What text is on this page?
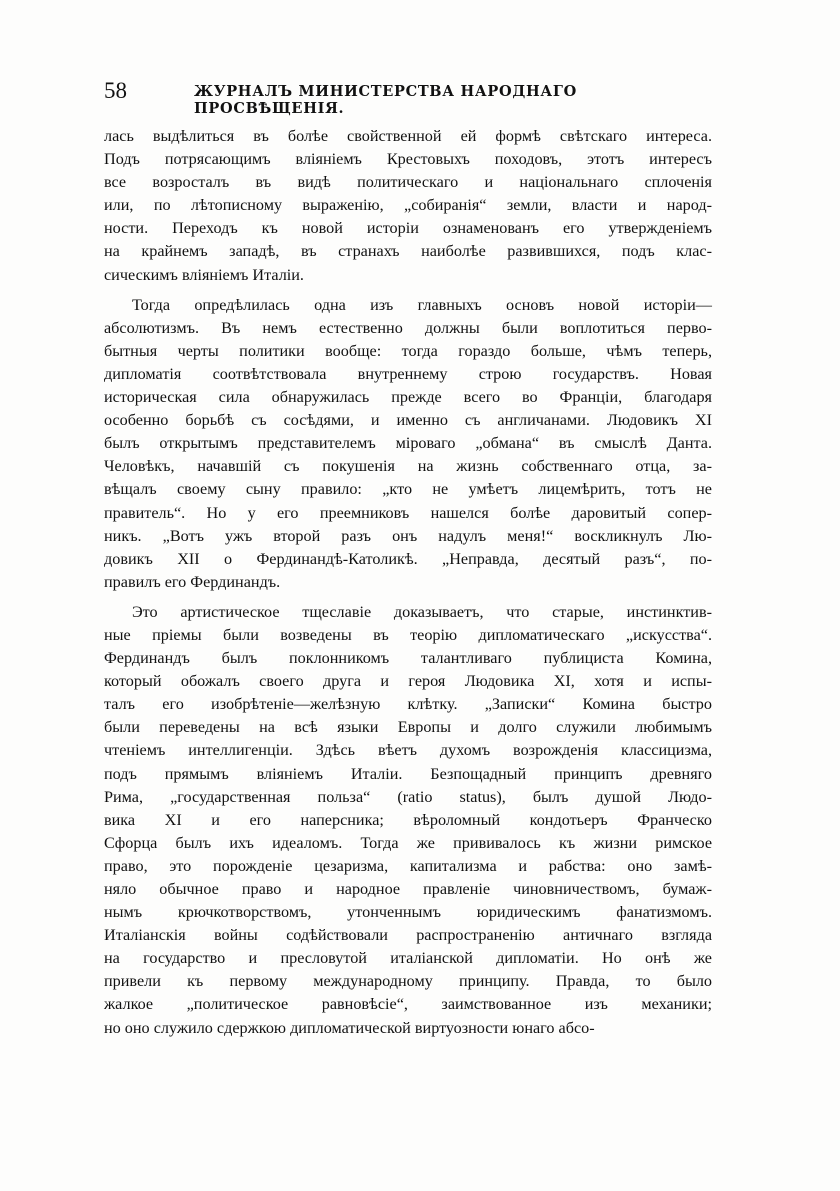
58	ЖУРНАЛЪ МИНИСТЕРСТВА НАРОДНАГО ПРОСВѢЩЕНІЯ.
лась выдѣлиться въ болѣе свойственной ей формѣ свѣтскаго интереса.
Подъ потрясающимъ вліяніемъ Крестовыхъ походовъ, этотъ интересъ
все возросталъ въ видѣ политическаго и національнаго сплоченія
или, по лѣтописному выраженію, „собиранія“ земли, власти и народ-
ности. Переходъ къ новой исторіи ознаменованъ его утвержденіемъ
на крайнемъ западѣ, въ странахъ наиболѣе развившихся, подъ клас-
сическимъ вліяніемъ Италіи.
Тогда опредѣлилась одна изъ главныхъ основъ новой исторіи—
абсолютизмъ. Въ немъ естественно должны были воплотиться перво-
бытныя черты политики вообще: тогда гораздо больше, чѣмъ теперь,
дипломатія соотвѣтствовала внутреннему строю государствъ. Новая
историческая сила обнаружилась прежде всего во Франціи, благодаря
особенно борьбѣ съ сосѣдями, и именно съ англичанами. Людовикъ XI
былъ открытымъ представителемъ міроваго „обмана“ въ смыслѣ Данта.
Человѣкъ, начавшій съ покушенія на жизнь собственнаго отца, за-
вѣщалъ своему сыну правило: „кто не умѣетъ лицемѣрить, тотъ не
правитель“. Но у его преемниковъ нашелся болѣе даровитый сопер-
никъ. „Вотъ ужъ второй разъ онъ надулъ меня!“ воскликнулъ Лю-
довикъ XII о Фердинандѣ-Католикѣ. „Неправда, десятый разъ“, по-
правилъ его Фердинандъ.
Это артистическое тщеславіе доказываетъ, что старые, инстинктив-
ные пріемы были возведены въ теорію дипломатическаго „искусства“.
Фердинандъ былъ поклонникомъ талантливаго публициста Комина,
который обожалъ своего друга и героя Людовика XI, хотя и испы-
талъ его изобрѣтеніе—желѣзную клѣтку. „Записки“ Комина быстро
были переведены на всѣ языки Европы и долго служили любимымъ
чтеніемъ интеллигенціи. Здѣсь вѣетъ духомъ возрожденія классицизма,
подъ прямымъ вліяніемъ Италіи. Безпощадный принципъ древняго
Рима, „государственная польза“ (ratio status), былъ душой Людо-
вика XI и его наперсника; вѣроломный кондотьеръ Франческо
Сфорца былъ ихъ идеаломъ. Тогда же прививалось къ жизни римское
право, это порожденіе цезаризма, капитализма и рабства: оно замѣ-
няло обычное право и народное правленіе чиновничествомъ, бумаж-
нымъ крючкотворствомъ, утонченнымъ юридическимъ фанатизмомъ.
Италіанскія войны содѣйствовали распространенію античнаго взгляда
на государство и пресловутой италіанской дипломатіи. Но онѣ же
привели къ первому международному принципу. Правда, то было
жалкое „политическое равновѣсіе“, заимствованное изъ механики;
но оно служило сдержкою дипломатической виртуозности юнаго абсо-
